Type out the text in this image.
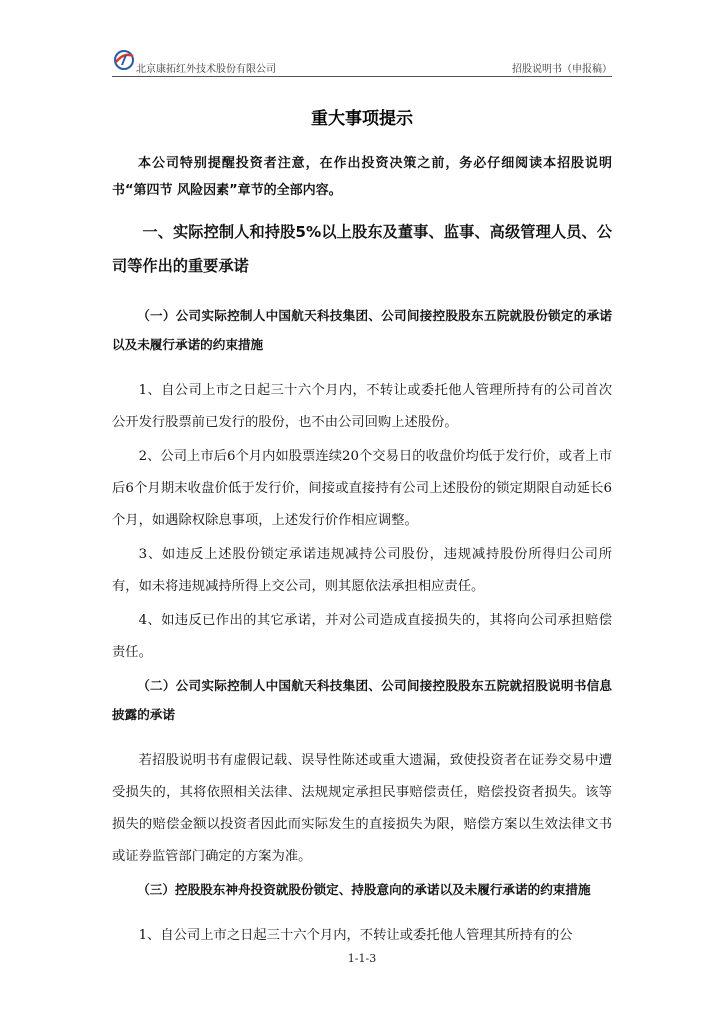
北京康拓红外技术股份有限公司	招股说明书（申报稿）
重大事项提示

本公司特别提醒投资者注意，在作出投资决策之前，务必仔细阅读本招股说明书“第四节 风险因素”章节的全部内容。

一、实际控制人和持股5%以上股东及董事、监事、高级管理人员、公司等作出的重要承诺

（一）公司实际控制人中国航天科技集团、公司间接控股股东五院就股份锁定的承诺以及未履行承诺的约束措施

1、自公司上市之日起三十六个月内，不转让或委托他人管理所持有的公司首次公开发行股票前已发行的股份，也不由公司回购上述股份。

2、公司上市后6个月内如股票连续20个交易日的收盘价均低于发行价，或者上市后6个月期末收盘价低于发行价，间接或直接持有公司上述股份的锁定期限自动延长6个月，如遇除权除息事项，上述发行价作相应调整。

3、如违反上述股份锁定承诺违规减持公司股份，违规减持股份所得归公司所有，如未将违规减持所得上交公司，则其愿依法承担相应责任。

4、如违反已作出的其它承诺，并对公司造成直接损失的，其将向公司承担赔偿责任。

（二）公司实际控制人中国航天科技集团、公司间接控股股东五院就招股说明书信息披露的承诺

若招股说明书有虚假记载、误导性陈述或重大遗漏，致使投资者在证券交易中遭受损失的，其将依照相关法律、法规规定承担民事赔偿责任，赔偿投资者损失。该等损失的赔偿金额以投资者因此而实际发生的直接损失为限，赔偿方案以生效法律文书或证券监管部门确定的方案为准。

（三）控股股东神舟投资就股份锁定、持股意向的承诺以及未履行承诺的约束措施

1、自公司上市之日起三十六个月内，不转让或委托他人管理其所持有的公

1-1-3
